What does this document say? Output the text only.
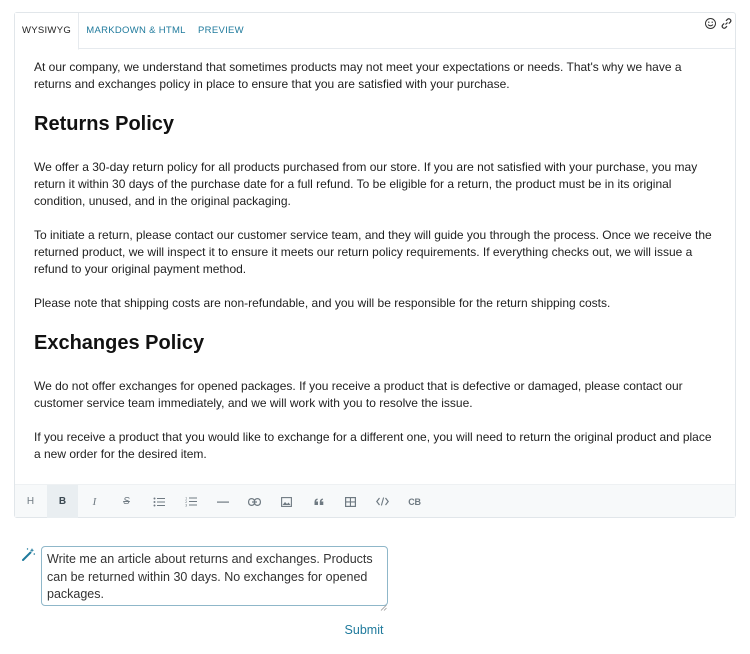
WYSIWYG	MARKDOWN & HTML	PREVIEW

At our company, we understand that sometimes products may not meet your expectations or needs. That's why we have a returns and exchanges policy in place to ensure that you are satisfied with your purchase.

Returns Policy

We offer a 30-day return policy for all products purchased from our store. If you are not satisfied with your purchase, you may return it within 30 days of the purchase date for a full refund. To be eligible for a return, the product must be in its original condition, unused, and in the original packaging.

To initiate a return, please contact our customer service team, and they will guide you through the process. Once we receive the returned product, we will inspect it to ensure it meets our return policy requirements. If everything checks out, we will issue a refund to your original payment method.

Please note that shipping costs are non-refundable, and you will be responsible for the return shipping costs.

Exchanges Policy

We do not offer exchanges for opened packages. If you receive a product that is defective or damaged, please contact our customer service team immediately, and we will work with you to resolve the issue.

If you receive a product that you would like to exchange for a different one, you will need to return the original product and place a new order for the desired item.

H B I	S	1
2
3	CB
Write me an article about returns and exchanges. Products can be returned within 30 days. No exchanges for opened packages.
Submit
